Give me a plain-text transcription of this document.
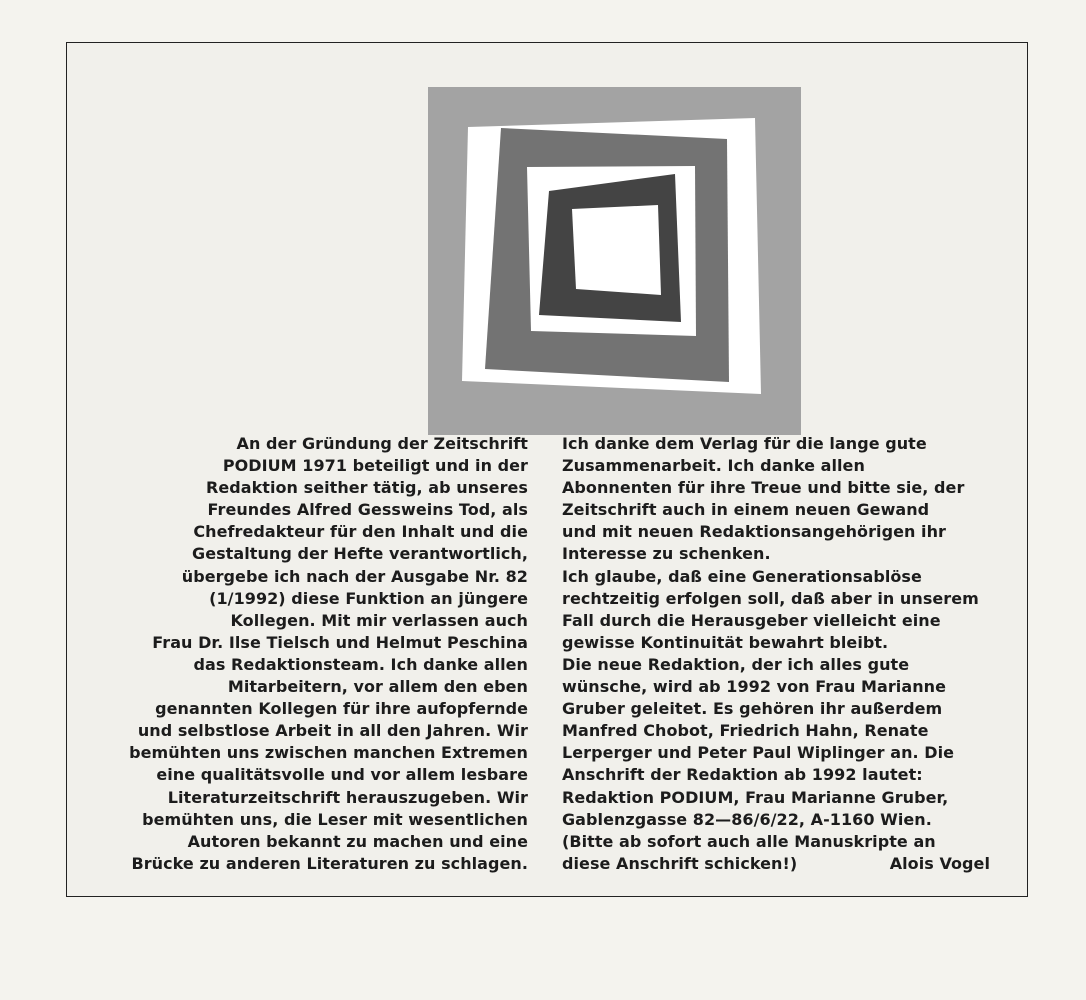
An der Gründung der Zeitschrift
PODIUM 1971 beteiligt und in der
Redaktion seither tätig, ab unseres
Freundes Alfred Gessweins Tod, als
Chefredakteur für den Inhalt und die
Gestaltung der Hefte verantwortlich,
übergebe ich nach der Ausgabe Nr. 82
(1/1992) diese Funktion an jüngere
Kollegen. Mit mir verlassen auch
Frau Dr. Ilse Tielsch und Helmut Peschina
das Redaktionsteam. Ich danke allen
Mitarbeitern, vor allem den eben
genannten Kollegen für ihre aufopfernde
und selbstlose Arbeit in all den Jahren. Wir
bemühten uns zwischen manchen Extremen
eine qualitätsvolle und vor allem lesbare
Literaturzeitschrift herauszugeben. Wir
bemühten uns, die Leser mit wesentlichen
Autoren bekannt zu machen und eine
Brücke zu anderen Literaturen zu schlagen.
Ich danke dem Verlag für die lange gute
Zusammenarbeit. Ich danke allen
Abonnenten für ihre Treue und bitte sie, der
Zeitschrift auch in einem neuen Gewand
und mit neuen Redaktionsangehörigen ihr
Interesse zu schenken.
Ich glaube, daß eine Generationsablöse
rechtzeitig erfolgen soll, daß aber in unserem
Fall durch die Herausgeber vielleicht eine
gewisse Kontinuität bewahrt bleibt.
Die neue Redaktion, der ich alles gute
wünsche, wird ab 1992 von Frau Marianne
Gruber geleitet. Es gehören ihr außerdem
Manfred Chobot, Friedrich Hahn, Renate
Lerperger und Peter Paul Wiplinger an. Die
Anschrift der Redaktion ab 1992 lautet:
Redaktion PODIUM, Frau Marianne Gruber,
Gablenzgasse 82—86/6/22, A-1160 Wien.
(Bitte ab sofort auch alle Manuskripte an
diese Anschrift schicken!)	Alois Vogel
